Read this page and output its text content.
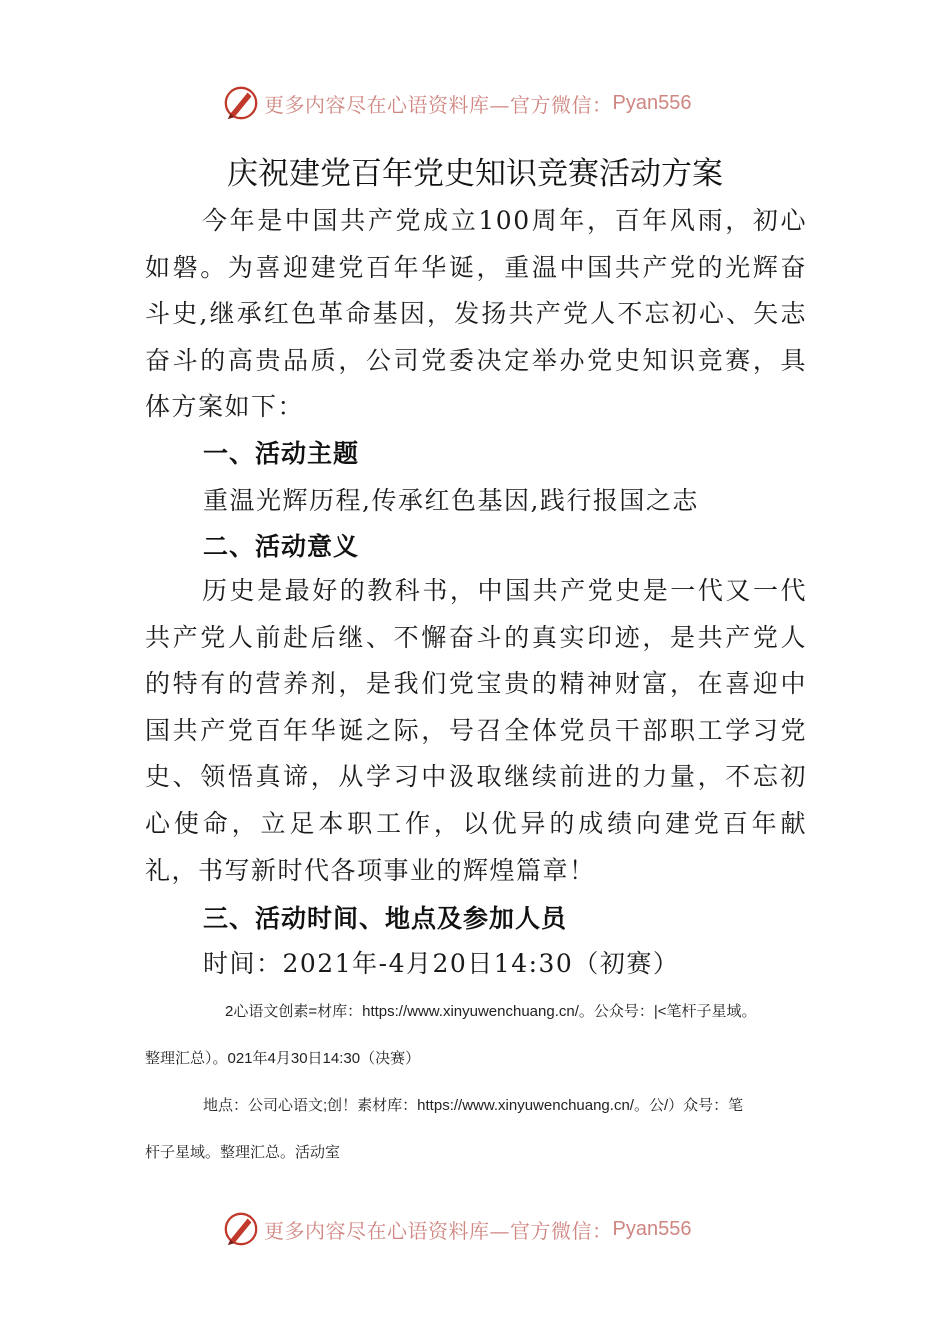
更多内容尽在心语资料库—官方微信： Pyan556
庆祝建党百年党史知识竞赛活动方案
今年是中国共产党成立100周年，百年风雨，初心如磐。为喜迎建党百年华诞，重温中国共产党的光辉奋斗史,继承红色革命基因，发扬共产党人不忘初心、矢志奋斗的高贵品质，公司党委决定举办党史知识竞赛，具体方案如下：
一、活动主题
重温光辉历程,传承红色基因,践行报国之志
二、活动意义
历史是最好的教科书，中国共产党史是一代又一代共产党人前赴后继、不懈奋斗的真实印迹，是共产党人的特有的营养剂，是我们党宝贵的精神财富，在喜迎中国共产党百年华诞之际，号召全体党员干部职工学习党史、领悟真谛，从学习中汲取继续前进的力量，不忘初心使命，立足本职工作，以优异的成绩向建党百年献礼，书写新时代各项事业的辉煌篇章！
三、活动时间、地点及参加人员
时间：2021年-4月20日14:30（初赛）
2心语文创素=材库：https://www.xinyuwenchuang.cn/。公众号：|<笔杆子星域。
整理汇总）。021年4月30日14:30（决赛）
地点：公司心语文;创！素材库：https://www.xinyuwenchuang.cn/。公/）众号：笔
杆子星域。整理汇总。活动室
更多内容尽在心语资料库—官方微信： Pyan556
